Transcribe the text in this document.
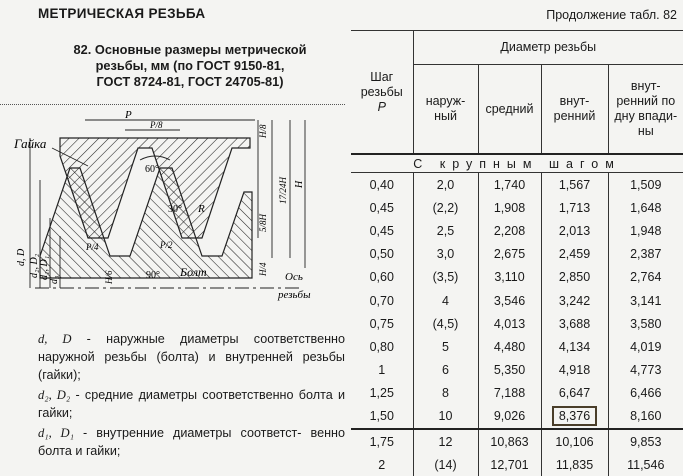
МЕТРИЧЕСКАЯ РЕЗЬБА
82. Основные размеры метрической
резьбы, мм (по ГОСТ 9150-81,
ГОСТ 8724-81, ГОСТ 24705-81)
Гайка
Болт	Ось
резьбы
P
P/8
60°
30°
90°
R
P/4	P/2
d, D d₂, D₂ d₁, D₁ d₃
H/8
5/8H
17/24H H
H/4
H/6

d, D - наружные диаметры соответственно наружной резьбы (болта) и внутренней резьбы (гайки);

d₂, D₂ - средние диаметры соответственно болта и гайки;

d₁, D₁ - внутренние диаметры соответст- венно болта и гайки;

Продолжение табл. 82
Шаг резьбы
P	Диаметр резьбы			
	наруж- ный	средний	внут- ренний	внут- ренний по дну впади- ны

С крупным шагом				
0,40	2,0	1,740	1,567	1,509
0,45	(2,2)	1,908	1,713	1,648
0,45	2,5	2,208	2,013	1,948
0,50	3,0	2,675	2,459	2,387
0,60	(3,5)	3,110	2,850	2,764
0,70	4	3,546	3,242	3,141
0,75	(4,5)	4,013	3,688	3,580
0,80	5	4,480	4,134	4,019
1	6	5,350	4,918	4,773
1,25	8	7,188	6,647	6,466
1,50	10	9,026	8,376	8,160
1,75	12	10,863	10,106	9,853
2	(14)	12,701	11,835	11,546
